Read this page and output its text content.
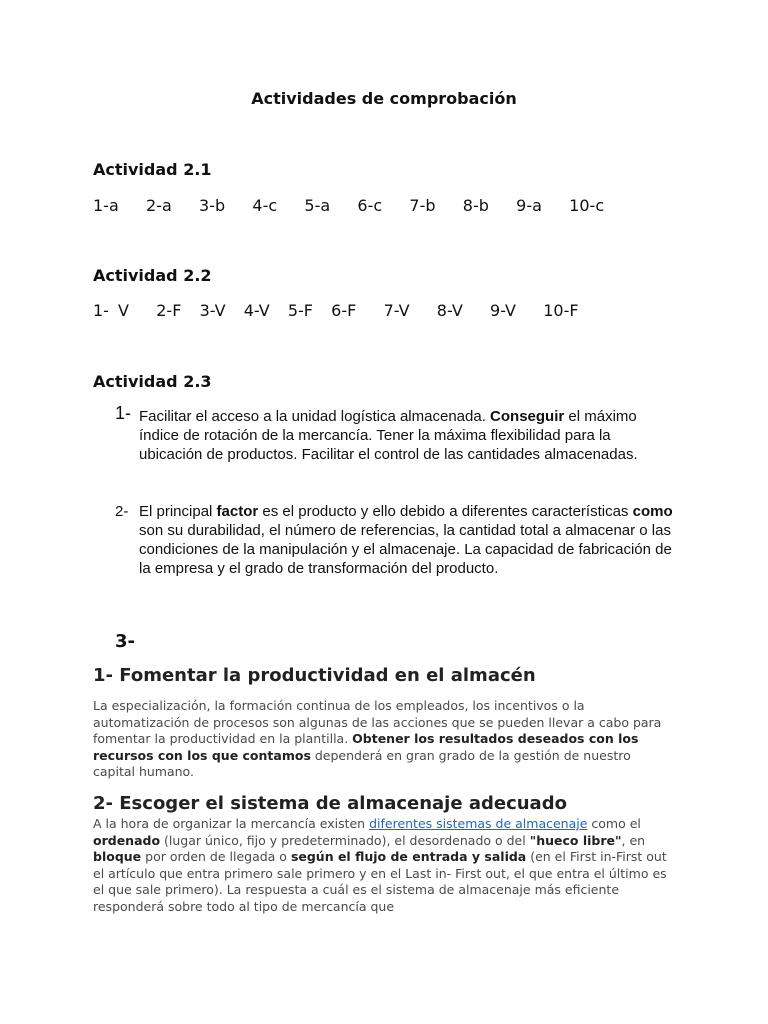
Actividades de comprobación
Actividad 2.1
1-a   2-a   3-b   4-c   5-a   6-c   7-b   8-b   9-a   10-c
Actividad 2.2
1- V   2-F  3-V  4-V  5-F  6-F   7-V   8-V   9-V   10-F
Actividad 2.3
1- Facilitar el acceso a la unidad logística almacenada. Conseguir el máximo índice de rotación de la mercancía. Tener la máxima flexibilidad para la ubicación de productos. Facilitar el control de las cantidades almacenadas.
2- El principal factor es el producto y ello debido a diferentes características como son su durabilidad, el número de referencias, la cantidad total a almacenar o las condiciones de la manipulación y el almacenaje. La capacidad de fabricación de la empresa y el grado de transformación del producto.
3-
1- Fomentar la productividad en el almacén
La especialización, la formación continua de los empleados, los incentivos o la automatización de procesos son algunas de las acciones que se pueden llevar a cabo para fomentar la productividad en la plantilla. Obtener los resultados deseados con los recursos con los que contamos dependerá en gran grado de la gestión de nuestro capital humano.
2- Escoger el sistema de almacenaje adecuado
A la hora de organizar la mercancía existen diferentes sistemas de almacenaje como el ordenado (lugar único, fijo y predeterminado), el desordenado o del "hueco libre", en bloque por orden de llegada o según el flujo de entrada y salida (en el First in-First out el artículo que entra primero sale primero y en el Last in- First out, el que entra el último es el que sale primero). La respuesta a cuál es el sistema de almacenaje más eficiente responderá sobre todo al tipo de mercancía que
